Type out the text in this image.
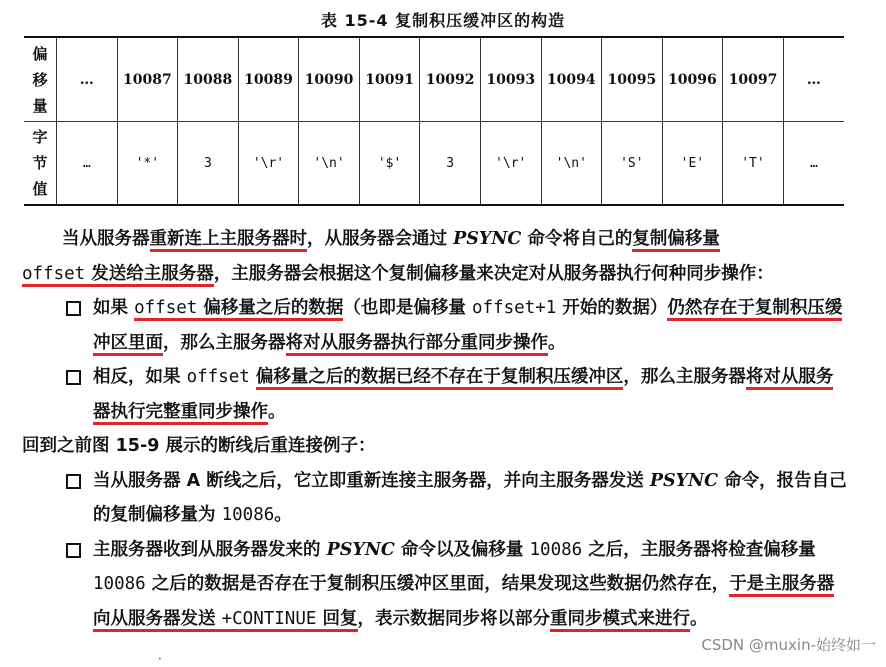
表 15-4 复制积压缓冲区的构造
偏移量	…	10087	10088	10089	10090	10091	10092	10093	10094	10095	10096	10097	…
字节值	…	'*'	3	'\r'	'\n'	'$'	3	'\r'	'\n'	'S'	'E'	'T'	…

当从服务器重新连上主服务器时，从服务器会通过 PSYNC 命令将自己的复制偏移量
offset 发送给主服务器，主服务器会根据这个复制偏移量来决定对从服务器执行何种同步操作：

如果 offset 偏移量之后的数据（也即是偏移量 offset+1 开始的数据）仍然存在于复制积压缓冲区里面，那么主服务器将对从服务器执行部分重同步操作。

相反，如果 offset 偏移量之后的数据已经不存在于复制积压缓冲区，那么主服务器将对从服务器执行完整重同步操作。

回到之前图 15-9 展示的断线后重连接例子：

当从服务器 A 断线之后，它立即重新连接主服务器，并向主服务器发送 PSYNC 命令，报告自己的复制偏移量为 10086。

主服务器收到从服务器发来的 PSYNC 命令以及偏移量 10086 之后，主服务器将检查偏移量 10086 之后的数据是否存在于复制积压缓冲区里面，结果发现这些数据仍然存在，于是主服务器向从服务器发送 +CONTINUE 回复，表示数据同步将以部分重同步模式来进行。

·
CSDN @muxin-始终如一
